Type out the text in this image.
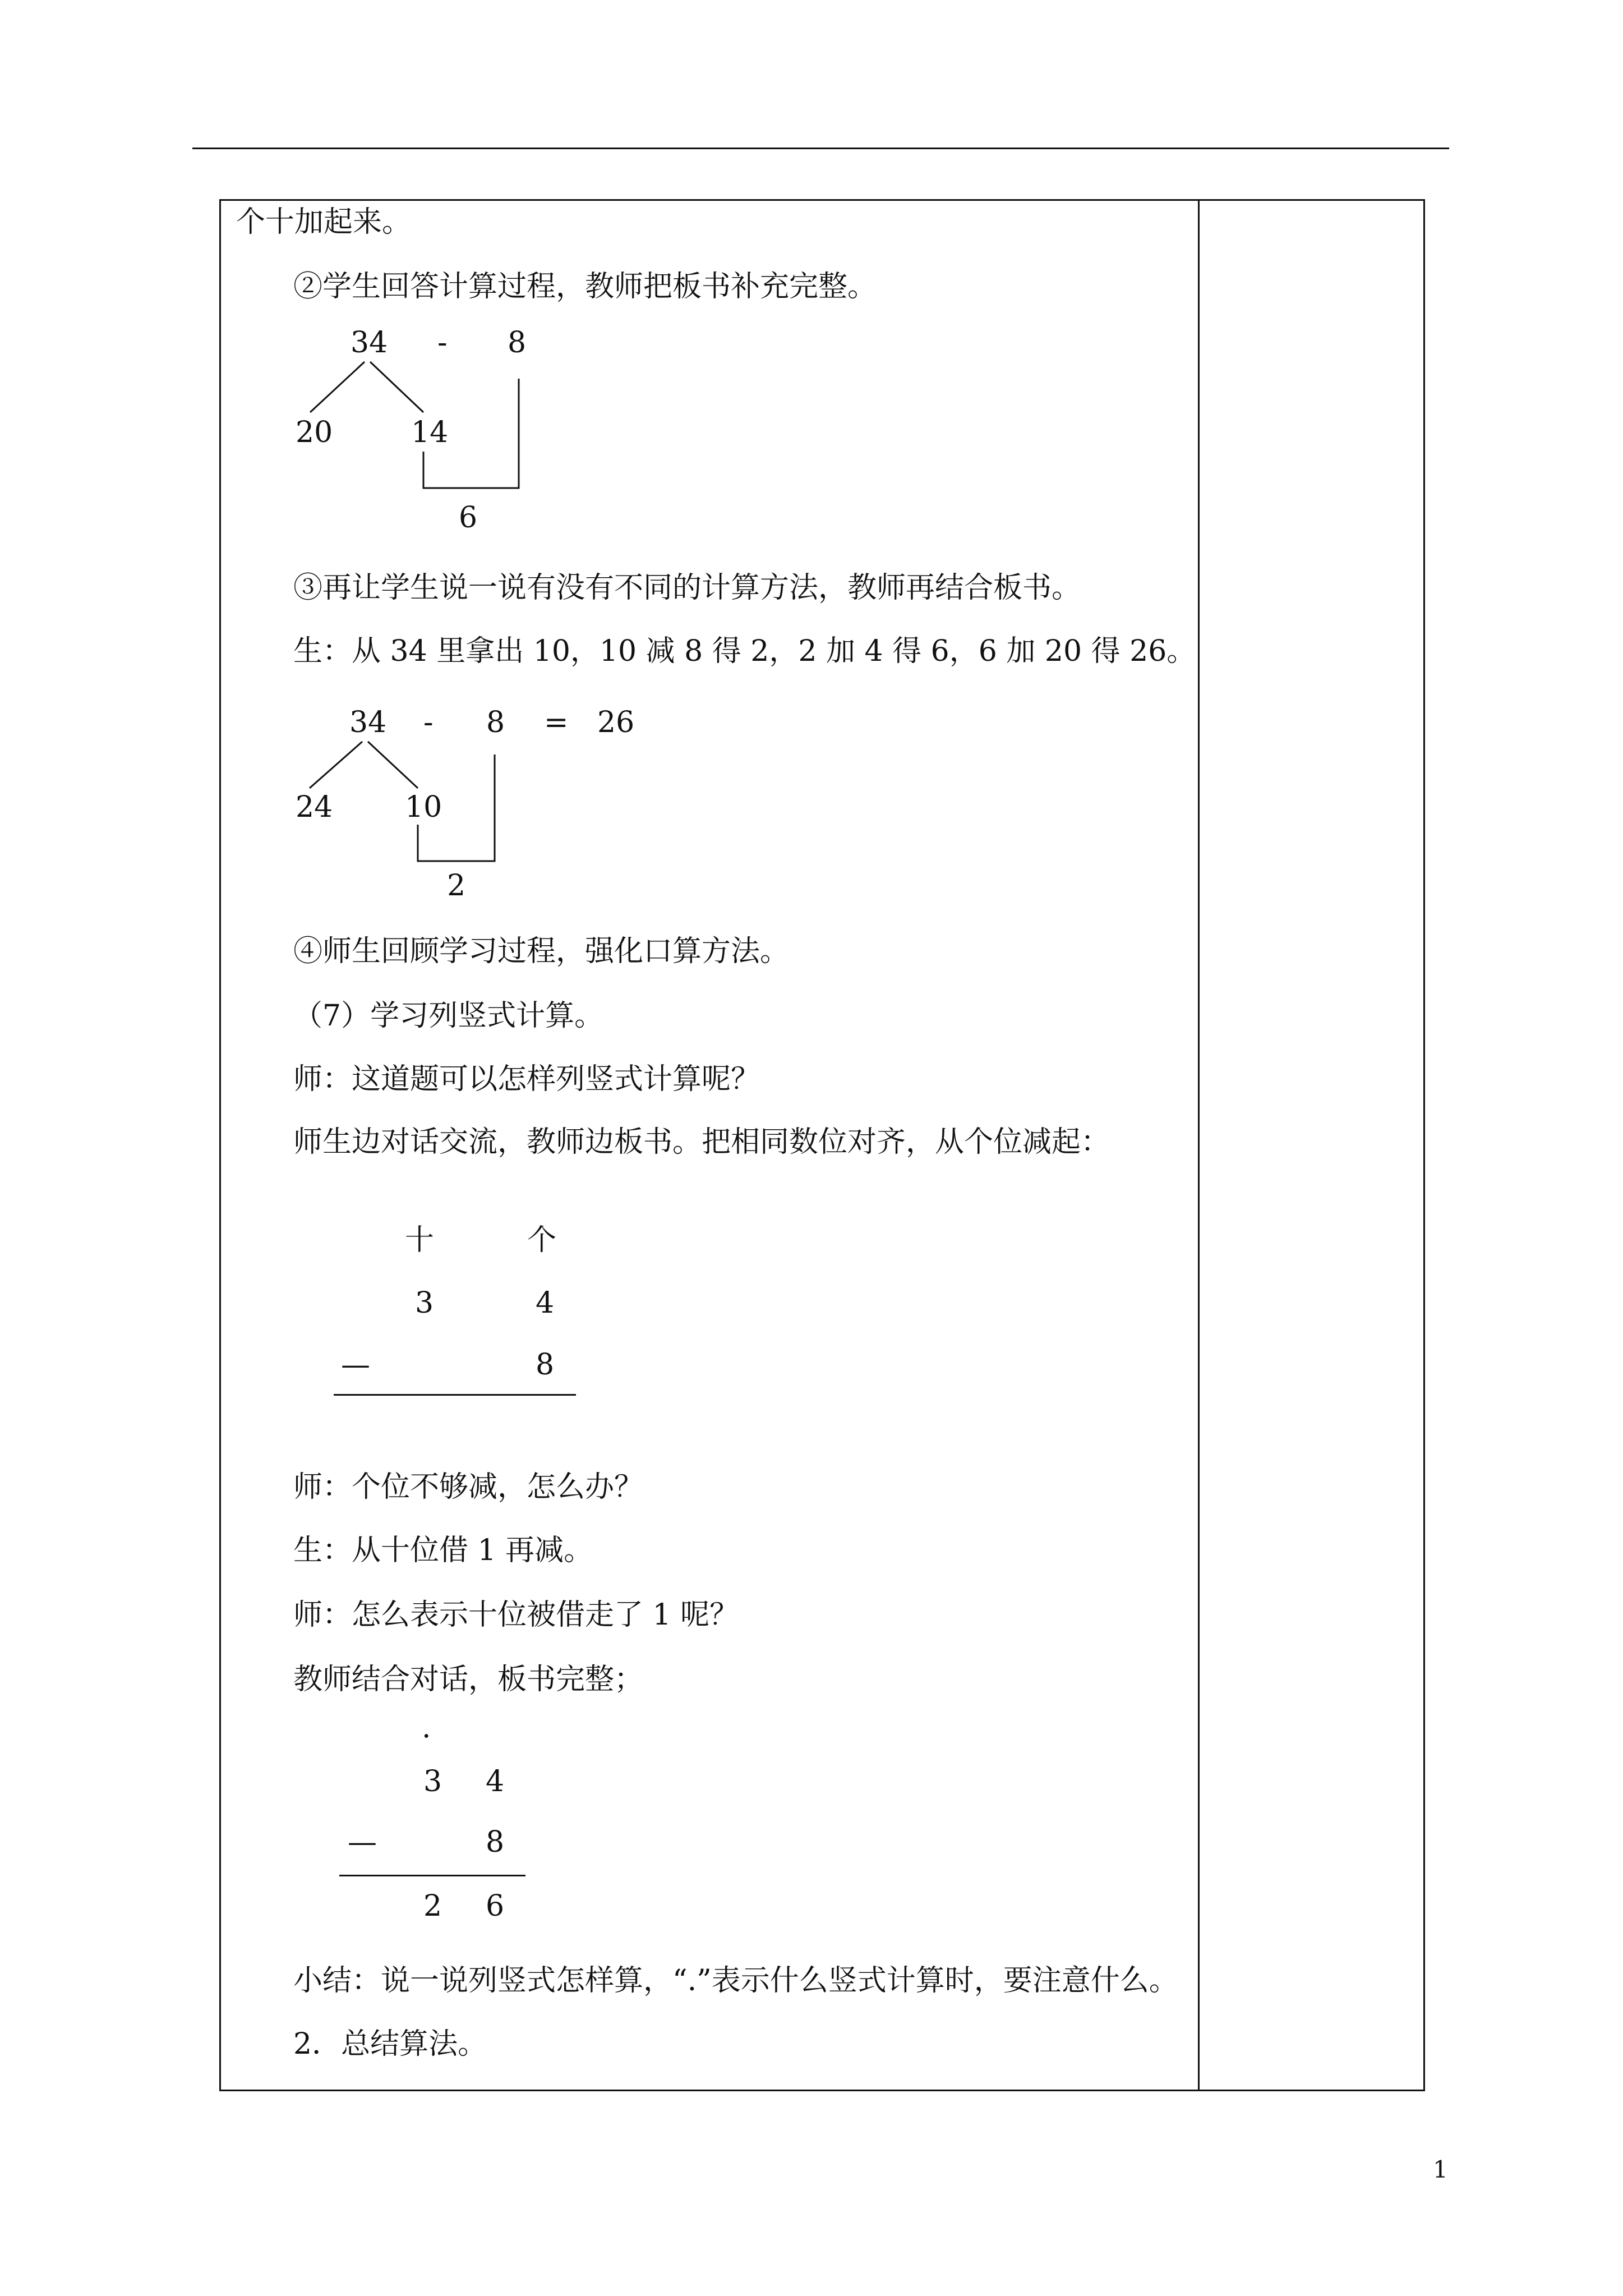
个十加起来。
②学生回答计算过程，教师把板书补充完整。
34 - 8
20	14
6
③再让学生说一说有没有不同的计算方法，教师再结合板书。
生：从 34 里拿出 10，10 减 8 得 2，2 加 4 得 6，6 加 20 得 26。
34 - 8 = 26
24 10
2
④师生回顾学习过程，强化口算方法。
（7）学习列竖式计算。
师：这道题可以怎样列竖式计算呢？
师生边对话交流，教师边板书。把相同数位对齐，从个位减起：
十	个
3	4
—	8
师：个位不够减，怎么办？
生：从十位借 1 再减。
师：怎么表示十位被借走了 1 呢？
教师结合对话，板书完整；
·
3 4
—	8
2 6
小结：说一说列竖式怎样算，“.”表示什么竖式计算时，要注意什么。
2．总结算法。
1
